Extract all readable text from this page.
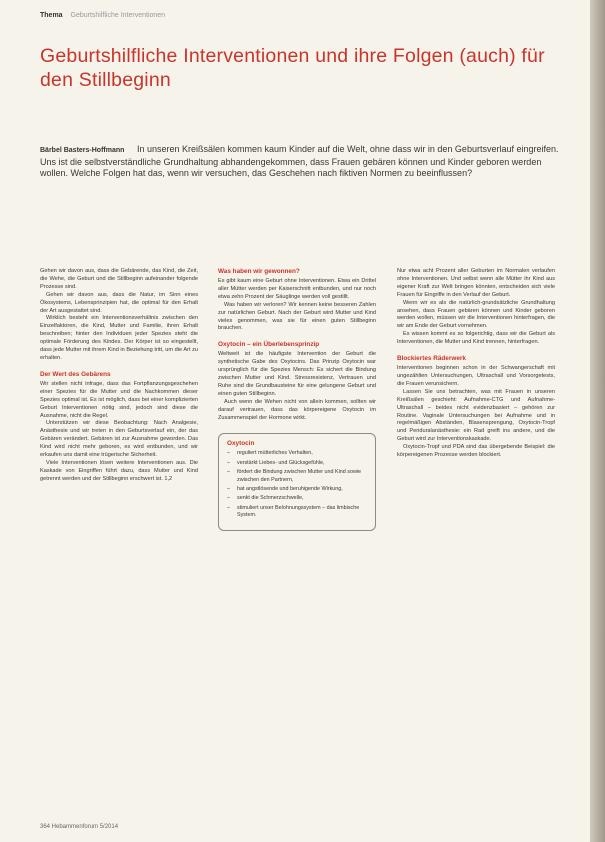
Thema Geburtshilfliche Interventionen
Geburtshilfliche Interventionen und ihre Folgen (auch) für den Stillbeginn
Bärbel Basters-Hoffmann In unseren Kreißsälen kommen kaum Kinder auf die Welt, ohne dass wir in den Geburtsverlauf eingreifen. Uns ist die selbstverständliche Grundhaltung abhandengekommen, dass Frauen gebären können und Kinder geboren werden wollen. Welche Folgen hat das, wenn wir versuchen, das Geschehen nach fiktiven Normen zu beeinflussen?

Gehen wir davon aus, dass die Gebärende, das Kind, die Zeit, die Wehe, die Geburt und die Stillbeginn aufeinander folgende Prozesse sind.

Gehen wir davon aus, dass die Natur, im Sinn eines Ökosystems, Lebensprinzipien hat, die optimal für den Erhalt der Art ausgestattet sind.

Wirklich besteht ein Interventionsverhältnis zwischen den Einzelfaktoren, die Kind, Mutter und Familie, ihren Erhalt beschreiben; hinter den Individuen jeder Spezies steht die optimale Förderung des Kindes. Der Körper ist so eingestellt, dass jede Mutter mit ihrem Kind in Beziehung tritt, um die Art zu erhalten.

Der Wert des Gebärens

Wir stellen nicht infrage, dass das Fortpflanzungsgeschehen einer Spezies für die Mutter und die Nachkommen dieser Spezies optimal ist. Es ist möglich, dass bei einer komplizierten Geburt Interventionen nötig sind, jedoch sind diese die Ausnahme, nicht die Regel.

Unterstützen wir diese Beobachtung: Nach Analgesie, Anästhesie und wir treten in den Geburtsverlauf ein, der das Gebären verändert. Gebären ist zur Ausnahme geworden. Das Kind wird nicht mehr geboren, es wird entbunden, und wir erkaufen uns damit eine trügerische Sicherheit.

Viele Interventionen lösen weitere Interventionen aus. Die Kaskade von Eingriffen führt dazu, dass Mutter und Kind getrennt werden und der Stillbeginn erschwert ist. 1,2

Was haben wir gewonnen?

Es gibt kaum eine Geburt ohne Interventionen. Etwa ein Drittel aller Mütter werden per Kaiserschnitt entbunden, und nur noch etwa zehn Prozent der Säuglinge werden voll gestillt.

Was haben wir verloren? Wir kennen keine besseren Zahlen zur natürlichen Geburt. Nach der Geburt wird Mutter und Kind vieles genommen, was sie für einen guten Stillbeginn brauchen.

Oxytocin – ein Überlebensprinzip

Weltweit ist die häufigste Intervention der Geburt die synthetische Gabe des Oxytocins. Das Prinzip Oxytocin war ursprünglich für die Spezies Mensch: Es sichert die Bindung zwischen Mutter und Kind. Stressresistenz, Vertrauen und Ruhe sind die Grundbausteine für eine gelungene Geburt und einen guten Stillbeginn.

Auch wenn die Wehen nicht von allein kommen, sollten wir darauf vertrauen, dass das körpereigene Oxytocin im Zusammenspiel der Hormone wirkt.

Oxytocin
– reguliert mütterliches Verhalten,
– verstärkt Liebes- und Glücksgefühle,
– fördert die Bindung zwischen Mutter und Kind sowie zwischen den Partnern,
– hat angstlösende und beruhigende Wirkung,
– senkt die Schmerzschwelle,
– stimuliert unser Belohnungssystem – das limbische System.

Nur etwa acht Prozent aller Geburten im Normalen verlaufen ohne Interventionen. Und selbst wenn alle Mütter ihr Kind aus eigener Kraft zur Welt bringen könnten, entscheiden sich viele Frauen für Eingriffe in den Verlauf der Geburt.

Wenn wir es als die natürlich-grundsätzliche Grundhaltung ansehen, dass Frauen gebären können und Kinder geboren werden wollen, müssen wir die Interventionen hinterfragen, die wir am Ende der Geburt vornehmen.

Es wissen kommt es so folgerichtig, dass wir die Geburt als Interventionen, die Mutter und Kind trennen, hinterfragen.

Blockiertes Räderwerk

Interventionen beginnen schon in der Schwangerschaft mit ungezählten Untersuchungen, Ultraschall und Vorsorgetests, die Frauen verunsichern.

Lassen Sie uns betrachten, was mit Frauen in unseren Kreißsälen geschieht: Aufnahme-CTG und Aufnahme-Ultraschall – beides nicht evidenzbasiert – gehören zur Routine. Vaginale Untersuchungen bei Aufnahme und in regelmäßigen Abständen, Blasensprengung, Oxytocin-Tropf und Periduralanästhesie: ein Rad greift ins andere, und die Geburt wird zur Interventionskaskade.

Oxytocin-Tropf und PDA sind das übergebende Beispiel: die körpereigenen Prozesse werden blockiert.

364 Hebammenforum 5/2014
